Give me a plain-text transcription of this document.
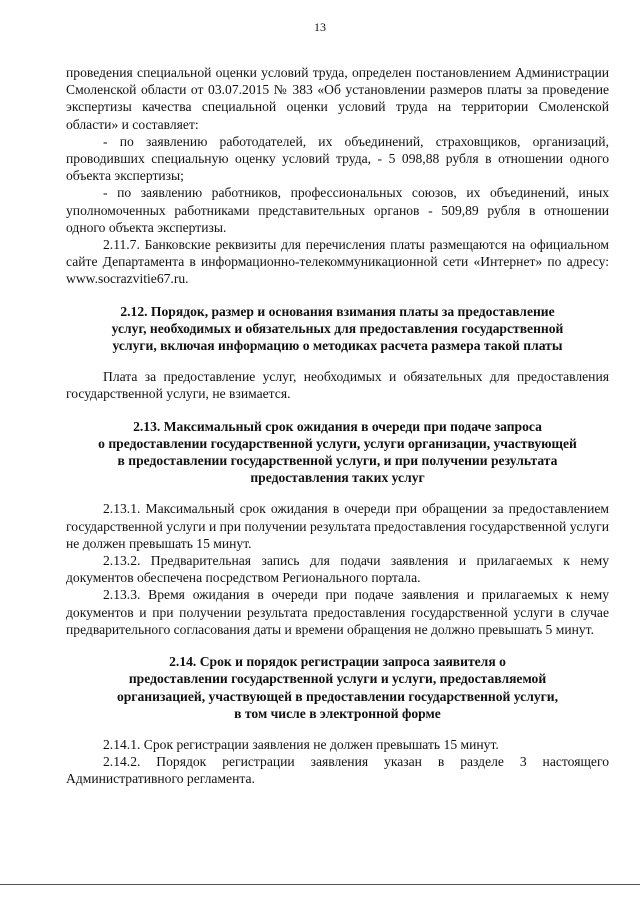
13

проведения специальной оценки условий труда, определен постановлением Администрации Смоленской области от 03.07.2015 № 383 «Об установлении размеров платы за проведение экспертизы качества специальной оценки условий труда на территории Смоленской области» и составляет:

- по заявлению работодателей, их объединений, страховщиков, организаций, проводивших специальную оценку условий труда, - 5 098,88 рубля в отношении одного объекта экспертизы;

- по заявлению работников, профессиональных союзов, их объединений, иных уполномоченных работниками представительных органов - 509,89 рубля в отношении одного объекта экспертизы.

2.11.7. Банковские реквизиты для перечисления платы размещаются на официальном сайте Департамента в информационно-телекоммуникационной сети «Интернет» по адресу: www.socrazvitie67.ru.

2.12. Порядок, размер и основания взимания платы за предоставление
услуг, необходимых и обязательных для предоставления государственной
услуги, включая информацию о методиках расчета размера такой платы

Плата за предоставление услуг, необходимых и обязательных для предоставления государственной услуги, не взимается.

2.13. Максимальный срок ожидания в очереди при подаче запроса
о предоставлении государственной услуги, услуги организации, участвующей
в предоставлении государственной услуги, и при получении результата
предоставления таких услуг

2.13.1. Максимальный срок ожидания в очереди при обращении за предоставлением государственной услуги и при получении результата предоставления государственной услуги не должен превышать 15 минут.

2.13.2. Предварительная запись для подачи заявления и прилагаемых к нему документов обеспечена посредством Регионального портала.

2.13.3. Время ожидания в очереди при подаче заявления и прилагаемых к нему документов и при получении результата предоставления государственной услуги в случае предварительного согласования даты и времени обращения не должно превышать 5 минут.

2.14. Срок и порядок регистрации запроса заявителя о
предоставлении государственной услуги и услуги, предоставляемой
организацией, участвующей в предоставлении государственной услуги,
в том числе в электронной форме

2.14.1. Срок регистрации заявления не должен превышать 15 минут.

2.14.2. Порядок регистрации заявления указан в разделе 3 настоящего Административного регламента.
